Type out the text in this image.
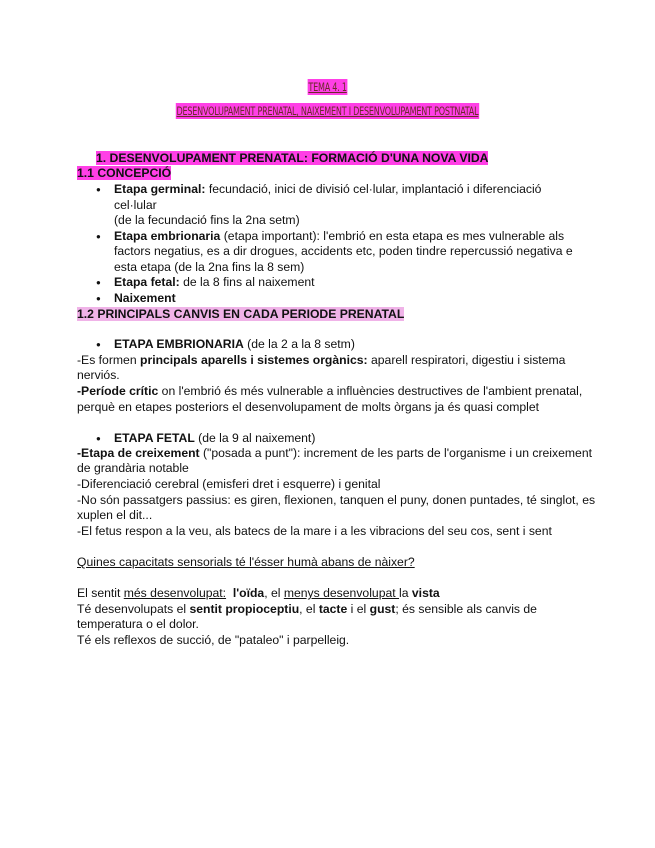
TEMA 4. 1
DESENVOLUPAMENT PRENATAL, NAIXEMENT I DESENVOLUPAMENT POSTNATAL
1. DESENVOLUPAMENT PRENATAL: FORMACIÓ D'UNA NOVA VIDA
1.1 CONCEPCIÓ
● Etapa germinal: fecundació, inici de divisió cel·lular, implantació i diferenciació cel·lular
(de la fecundació fins la 2na setm)
● Etapa embrionaria (etapa important): l'embrió en esta etapa es mes vulnerable als
factors negatius, es a dir drogues, accidents etc, poden tindre repercussió negativa e
esta etapa (de la 2na fins la 8 sem)
● Etapa fetal: de la 8 fins al naixement
● Naixement
1.2 PRINCIPALS CANVIS EN CADA PERIODE PRENATAL
● ETAPA EMBRIONARIA (de la 2 a la 8 setm)
-Es formen principals aparells i sistemes orgànics: aparell respiratori, digestiu i sistema
nerviós.
-Període crític on l'embrió és més vulnerable a influències destructives de l'ambient prenatal,
perquè en etapes posteriors el desenvolupament de molts òrgans ja és quasi complet
● ETAPA FETAL (de la 9 al naixement)
-Etapa de creixement ("posada a punt"): increment de les parts de l'organisme i un creixement
de grandària notable
-Diferenciació cerebral (emisferi dret i esquerre) i genital
-No són passatgers passius: es giren, flexionen, tanquen el puny, donen puntades, té singlot, es
xuplen el dit...
-El fetus respon a la veu, als batecs de la mare i a les vibracions del seu cos, sent i sent
Quines capacitats sensorials té l'ésser humà abans de nàixer?
El sentit més desenvolupat: l'oïda, el menys desenvolupat la vista
Té desenvolupats el sentit propioceptiu, el tacte i el gust; és sensible als canvis de
temperatura o el dolor.
Té els reflexos de succió, de "pataleo" i parpelleig.
